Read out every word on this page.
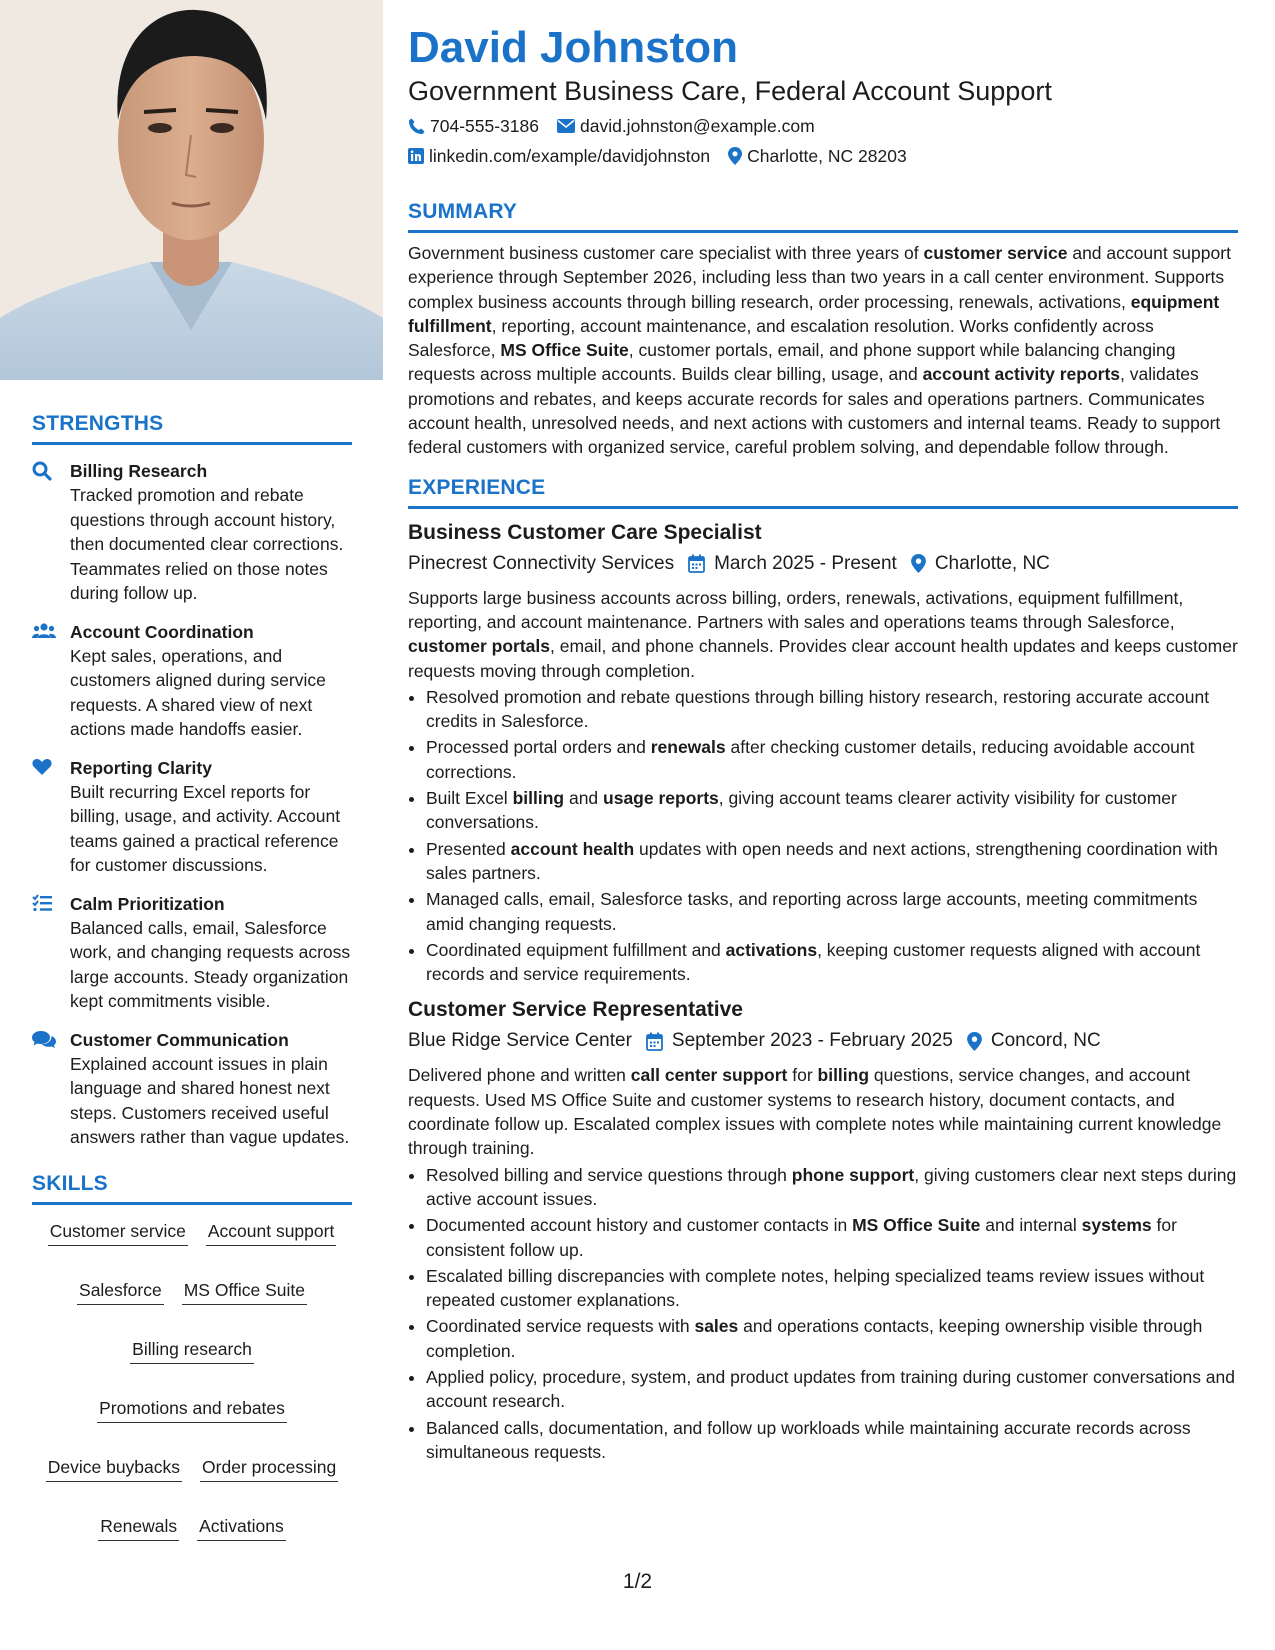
STRENGTHS
Billing Research
Tracked promotion and rebate questions through account history, then documented clear corrections. Teammates relied on those notes during follow up.
Account Coordination
Kept sales, operations, and customers aligned during service requests. A shared view of next actions made handoffs easier.
Reporting Clarity
Built recurring Excel reports for billing, usage, and activity. Account teams gained a practical reference for customer discussions.
Calm Prioritization
Balanced calls, email, Salesforce work, and changing requests across large accounts. Steady organization kept commitments visible.
Customer Communication
Explained account issues in plain language and shared honest next steps. Customers received useful answers rather than vague updates.
SKILLS
Customer service Account support
Salesforce MS Office Suite
Billing research
Promotions and rebates
Device buybacks Order processing
Renewals Activations
David Johnston
Government Business Care, Federal Account Support
704-555-3186 david.johnston@example.com
linkedin.com/example/davidjohnston Charlotte, NC 28203
SUMMARY
Government business customer care specialist with three years of customer service and account support experience through September 2026, including less than two years in a call center environment. Supports complex business accounts through billing research, order processing, renewals, activations, equipment fulfillment, reporting, account maintenance, and escalation resolution. Works confidently across Salesforce, MS Office Suite, customer portals, email, and phone support while balancing changing requests across multiple accounts. Builds clear billing, usage, and account activity reports, validates promotions and rebates, and keeps accurate records for sales and operations partners. Communicates account health, unresolved needs, and next actions with customers and internal teams. Ready to support federal customers with organized service, careful problem solving, and dependable follow through.
EXPERIENCE
Business Customer Care Specialist
Pinecrest Connectivity Services March 2025 - Present Charlotte, NC
Supports large business accounts across billing, orders, renewals, activations, equipment fulfillment, reporting, and account maintenance. Partners with sales and operations teams through Salesforce, customer portals, email, and phone channels. Provides clear account health updates and keeps customer requests moving through completion.
• Resolved promotion and rebate questions through billing history research, restoring accurate account credits in Salesforce.
• Processed portal orders and renewals after checking customer details, reducing avoidable account corrections.
• Built Excel billing and usage reports, giving account teams clearer activity visibility for customer conversations.
• Presented account health updates with open needs and next actions, strengthening coordination with sales partners.
• Managed calls, email, Salesforce tasks, and reporting across large accounts, meeting commitments amid changing requests.
• Coordinated equipment fulfillment and activations, keeping customer requests aligned with account records and service requirements.
Customer Service Representative
Blue Ridge Service Center September 2023 - February 2025 Concord, NC
Delivered phone and written call center support for billing questions, service changes, and account requests. Used MS Office Suite and customer systems to research history, document contacts, and coordinate follow up. Escalated complex issues with complete notes while maintaining current knowledge through training.
• Resolved billing and service questions through phone support, giving customers clear next steps during active account issues.
• Documented account history and customer contacts in MS Office Suite and internal systems for consistent follow up.
• Escalated billing discrepancies with complete notes, helping specialized teams review issues without repeated customer explanations.
• Coordinated service requests with sales and operations contacts, keeping ownership visible through completion.
• Applied policy, procedure, system, and product updates from training during customer conversations and account research.
• Balanced calls, documentation, and follow up workloads while maintaining accurate records across simultaneous requests.
1/2
